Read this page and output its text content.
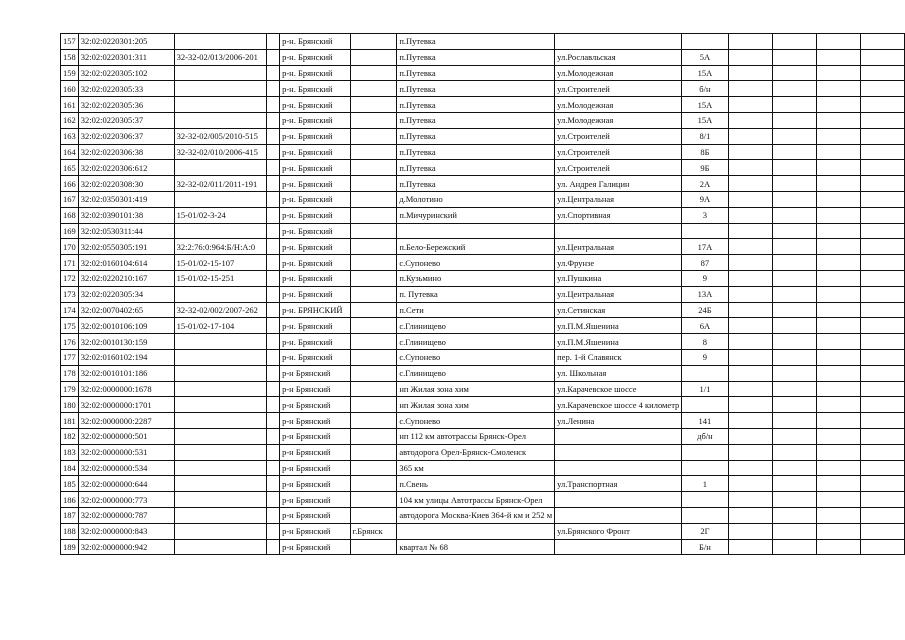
157	32:02:0220301:205			р-н. Брянский		п.Путевка						
158	32:02:0220301:311	32-32-02/013/2006-201		р-н. Брянский		п.Путевка	ул.Рославльская	5А				
159	32:02:0220305:102			р-н. Брянский		п.Путевка	ул.Молодежная	15А				
160	32:02:0220305:33			р-н. Брянский		п.Путевка	ул.Строителей	б/н				
161	32:02:0220305:36			р-н. Брянский		п.Путевка	ул.Молодежная	15А				
162	32:02:0220305:37			р-н. Брянский		п.Путевка	ул.Молодежная	15А				
163	32:02:0220306:37	32-32-02/005/2010-515		р-н. Брянский		п.Путевка	ул.Строителей	8/1				
164	32:02:0220306:38	32-32-02/010/2006-415		р-н. Брянский		п.Путевка	ул.Строителей	8Б				
165	32:02:0220306:612			р-н. Брянский		п.Путевка	ул.Строителей	9Б				
166	32:02:0220308:30	32-32-02/011/2011-191		р-н. Брянский		п.Путевка	ул. Андрея Галицин	2А				
167	32:02:0350301:419			р-н. Брянский		д.Молотино	ул.Центральная	9А				
168	32:02:0390101:38	15-01/02-3-24		р-н. Брянский		п.Мичуринский	ул.Спортивная	3				
169	32:02:0530311:44			р-н. Брянский								
170	32:02:0550305:191	32:2:76:0:964:Б/Н:А:0		р-н. Брянский		п.Бело-Бережский	ул.Центральная	17А				
171	32:02:0160104:614	15-01/02-15-107		р-н. Брянский		с.Супонево	ул.Фрунзе	87				
172	32:02:0220210:167	15-01/02-15-251		р-н. Брянский		п.Кузьмино	ул.Пушкина	9				
173	32:02:0220305:34			р-н. Брянский		п. Путевка	ул.Центральная	13А				
174	32:02:0070402:65	32-32-02/002/2007-262		р-н. БРЯНСКИЙ		п.Сети	ул.Сетинская	24Б				
175	32:02:0010106:109	15-01/02-17-104		р-н. Брянский		с.Глинищево	ул.П.М.Яшенина	6А				
176	32:02:0010130:159			р-н. Брянский		с.Глинищево	ул.П.М.Яшенина	8				
177	32:02:0160102:194			р-н. Брянский		с.Супонево	пер. 1-й Славянск	9				
178	32:02:0010101:186			р-н Брянский		с.Глинищево	ул. Школьная					
179	32:02:0000000:1678			р-н Брянский		нп Жилая зона хим	ул.Карачевское шоссе	1/1				
180	32:02:0000000:1701			р-н Брянский		нп Жилая зона хим	ул.Карачевское шоссе 4 километр					
181	32:02:0000000:2287			р-н Брянский		с.Супонево	ул.Ленина	141				
182	32:02:0000000:501			р-н Брянский		нп 112 км автотрассы Брянск-Орел		дб/н				
183	32:02:0000000:531			р-н Брянский		автодорога Орел-Брянск-Смоленск						
184	32:02:0000000:534			р-н Брянский		365 км						
185	32:02:0000000:644			р-н Брянский		п.Свень	ул.Транспортная	1				
186	32:02:0000000:773			р-н Брянский		104 км улицы Автотрассы Брянск-Орел						
187	32:02:0000000:787			р-н Брянский		автодорога Москва-Киев 364-й км и 252 м						
188	32:02:0000000:843			р-н Брянский	г.Брянск		ул.Брянского Фронт	2Г				
189	32:02:0000000:942			р-н Брянский		квартал № 68		Б/н				
